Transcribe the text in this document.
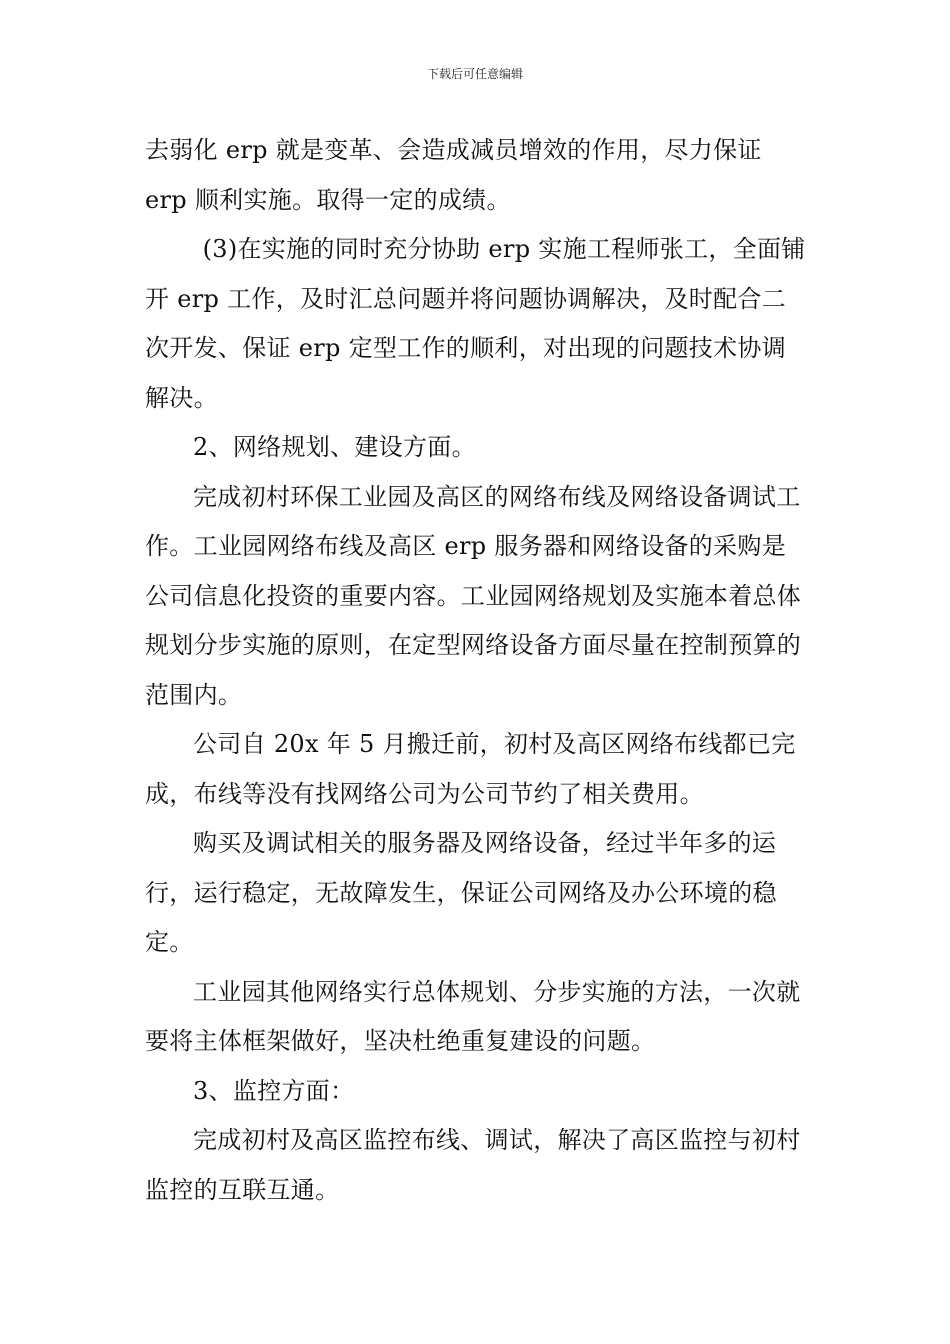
下载后可任意编辑

去弱化 erp 就是变革、会造成减员增效的作用，尽力保证 erp 顺利实施。取得一定的成绩。

(3)在实施的同时充分协助 erp 实施工程师张工，全面铺开 erp 工作，及时汇总问题并将问题协调解决，及时配合二次开发、保证 erp 定型工作的顺利，对出现的问题技术协调解决。

2、网络规划、建设方面。

完成初村环保工业园及高区的网络布线及网络设备调试工作。工业园网络布线及高区 erp 服务器和网络设备的采购是公司信息化投资的重要内容。工业园网络规划及实施本着总体规划分步实施的原则，在定型网络设备方面尽量在控制预算的范围内。

公司自 20x 年 5 月搬迁前，初村及高区网络布线都已完成，布线等没有找网络公司为公司节约了相关费用。

购买及调试相关的服务器及网络设备，经过半年多的运行，运行稳定，无故障发生，保证公司网络及办公环境的稳定。

工业园其他网络实行总体规划、分步实施的方法，一次就要将主体框架做好，坚决杜绝重复建设的问题。

3、监控方面：

完成初村及高区监控布线、调试，解决了高区监控与初村监控的互联互通。
